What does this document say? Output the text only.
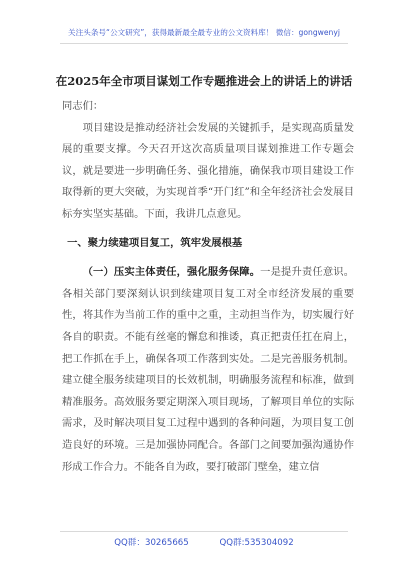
关注头条号“公文研究”，获得最新最全最专业的公文资料库！ 微信：gongwenyj
在2025年全市项目谋划工作专题推进会上的讲话上的讲话

同志们：

项目建设是推动经济社会发展的关键抓手，是实现高质量发展的重要支撑。今天召开这次高质量项目谋划推进工作专题会议，就是要进一步明确任务、强化措施，确保我市项目建设工作取得新的更大突破，为实现首季“开门红”和全年经济社会发展目标夯实坚实基础。下面，我讲几点意见。

一、聚力续建项目复工，筑牢发展根基

（一）压实主体责任，强化服务保障。一是提升责任意识。各相关部门要深刻认识到续建项目复工对全市经济发展的重要性，将其作为当前工作的重中之重，主动担当作为，切实履行好各自的职责。不能有丝毫的懈怠和推诿，真正把责任扛在肩上，把工作抓在手上，确保各项工作落到实处。二是完善服务机制。建立健全服务续建项目的长效机制，明确服务流程和标准，做到精准服务。高效服务要定期深入项目现场，了解项目单位的实际需求，及时解决项目复工过程中遇到的各种问题，为项目复工创造良好的环境。三是加强协同配合。各部门之间要加强沟通协作形成工作合力。不能各自为政，要打破部门壁垒，建立信

QQ群：30265665	QQ群:535304092
